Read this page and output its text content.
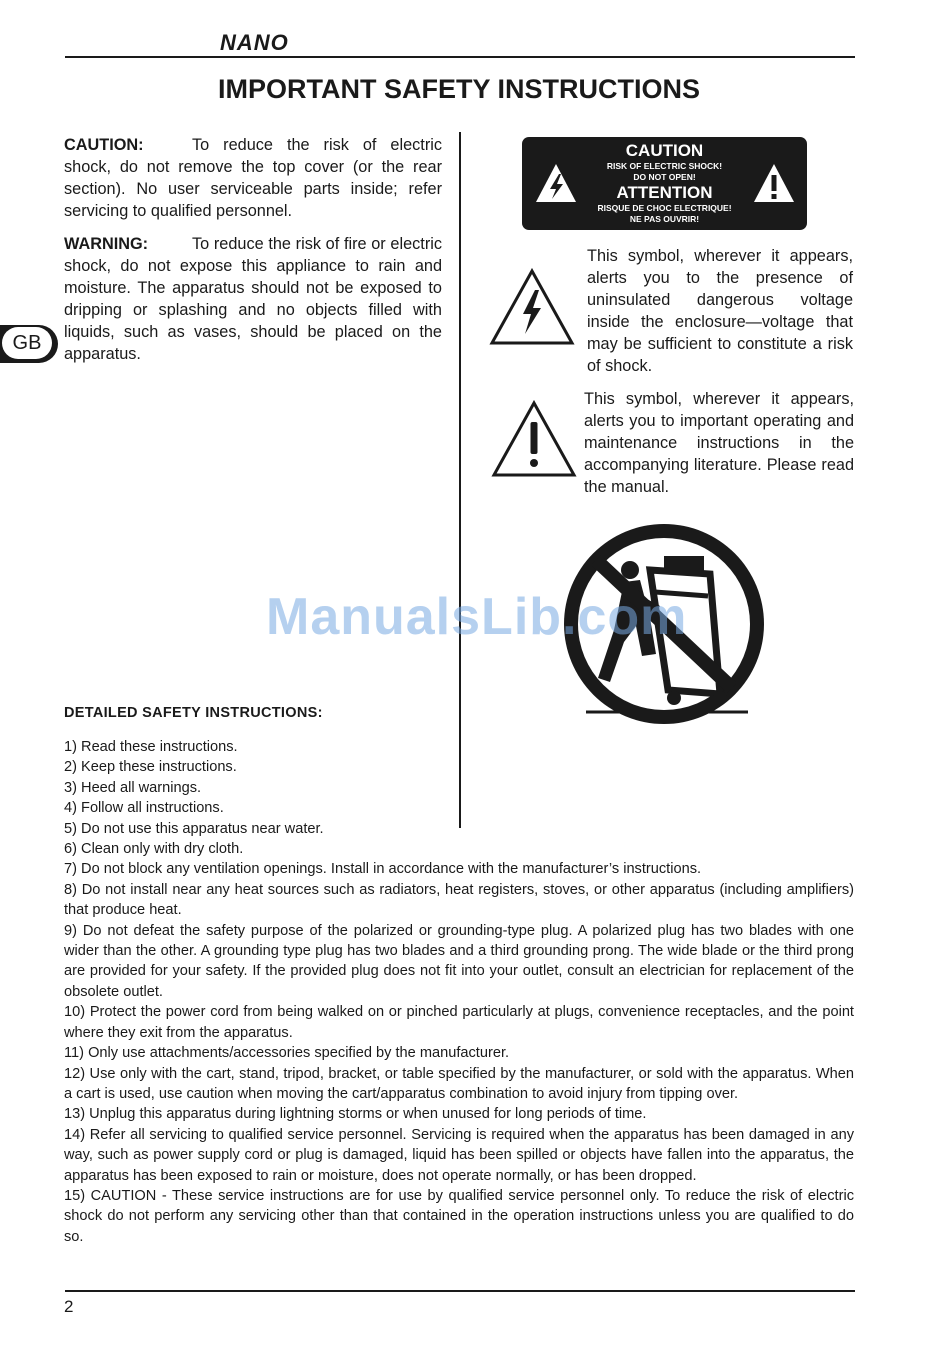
NANO
IMPORTANT SAFETY INSTRUCTIONS
GB
CAUTION:	To reduce the risk of electric shock, do not remove the top cover (or the rear section). No user serviceable parts inside; refer servicing to qualified personnel.
WARNING:	To reduce the risk of fire or electric shock, do not expose this appliance to rain and moisture. The apparatus should not be exposed to dripping or splashing and no objects filled with liquids, such as vases, should be placed on the apparatus.
CAUTION
RISK OF ELECTRIC SHOCK!
DO NOT OPEN!
ATTENTION
RISQUE DE CHOC ELECTRIQUE!
NE PAS OUVRIR!
This symbol, wherever it appears, alerts you to the presence of uninsulated dangerous voltage inside the enclosure—voltage that may be sufficient to constitute a risk of shock.
This symbol, wherever it appears, alerts you to important operating and maintenance instructions in the accompanying literature. Please read the manual.
ManualsLib.com
DETAILED SAFETY INSTRUCTIONS:
1) Read these instructions.
2) Keep these instructions.
3) Heed all warnings.
4) Follow all instructions.
5) Do not use this apparatus near water.
6) Clean only with dry cloth.
7) Do not block any ventilation openings. Install in accordance with the manufacturer’s instructions.
8) Do not install near any heat sources such as radiators, heat registers, stoves, or other apparatus (including amplifiers) that produce heat.
9) Do not defeat the safety purpose of the polarized or grounding-type plug. A polarized plug has two blades with one wider than the other. A grounding type plug has two blades and a third grounding prong. The wide blade or the third prong are provided for your safety. If the provided plug does not fit into your outlet, consult an electrician for replacement of the obsolete outlet.
10) Protect the power cord from being walked on or pinched particularly at plugs, convenience receptacles, and the point where they exit from the apparatus.
11) Only use attachments/accessories specified by the manufacturer.
12) Use only with the cart, stand, tripod, bracket, or table specified by the manufacturer, or sold with the apparatus. When a cart is used, use caution when moving the cart/apparatus combination to avoid injury from tipping over.
13) Unplug this apparatus during lightning storms or when unused for long periods of time.
14) Refer all servicing to qualified service personnel. Servicing is required when the apparatus has been damaged in any way, such as power supply cord or plug is damaged, liquid has been spilled or objects have fallen into the apparatus, the apparatus has been exposed to rain or moisture, does not operate normally, or has been dropped.
15) CAUTION - These service instructions are for use by qualified service personnel only. To reduce the risk of electric shock do not perform any servicing other than that contained in the operation instructions unless you are qualified to do so.
2
